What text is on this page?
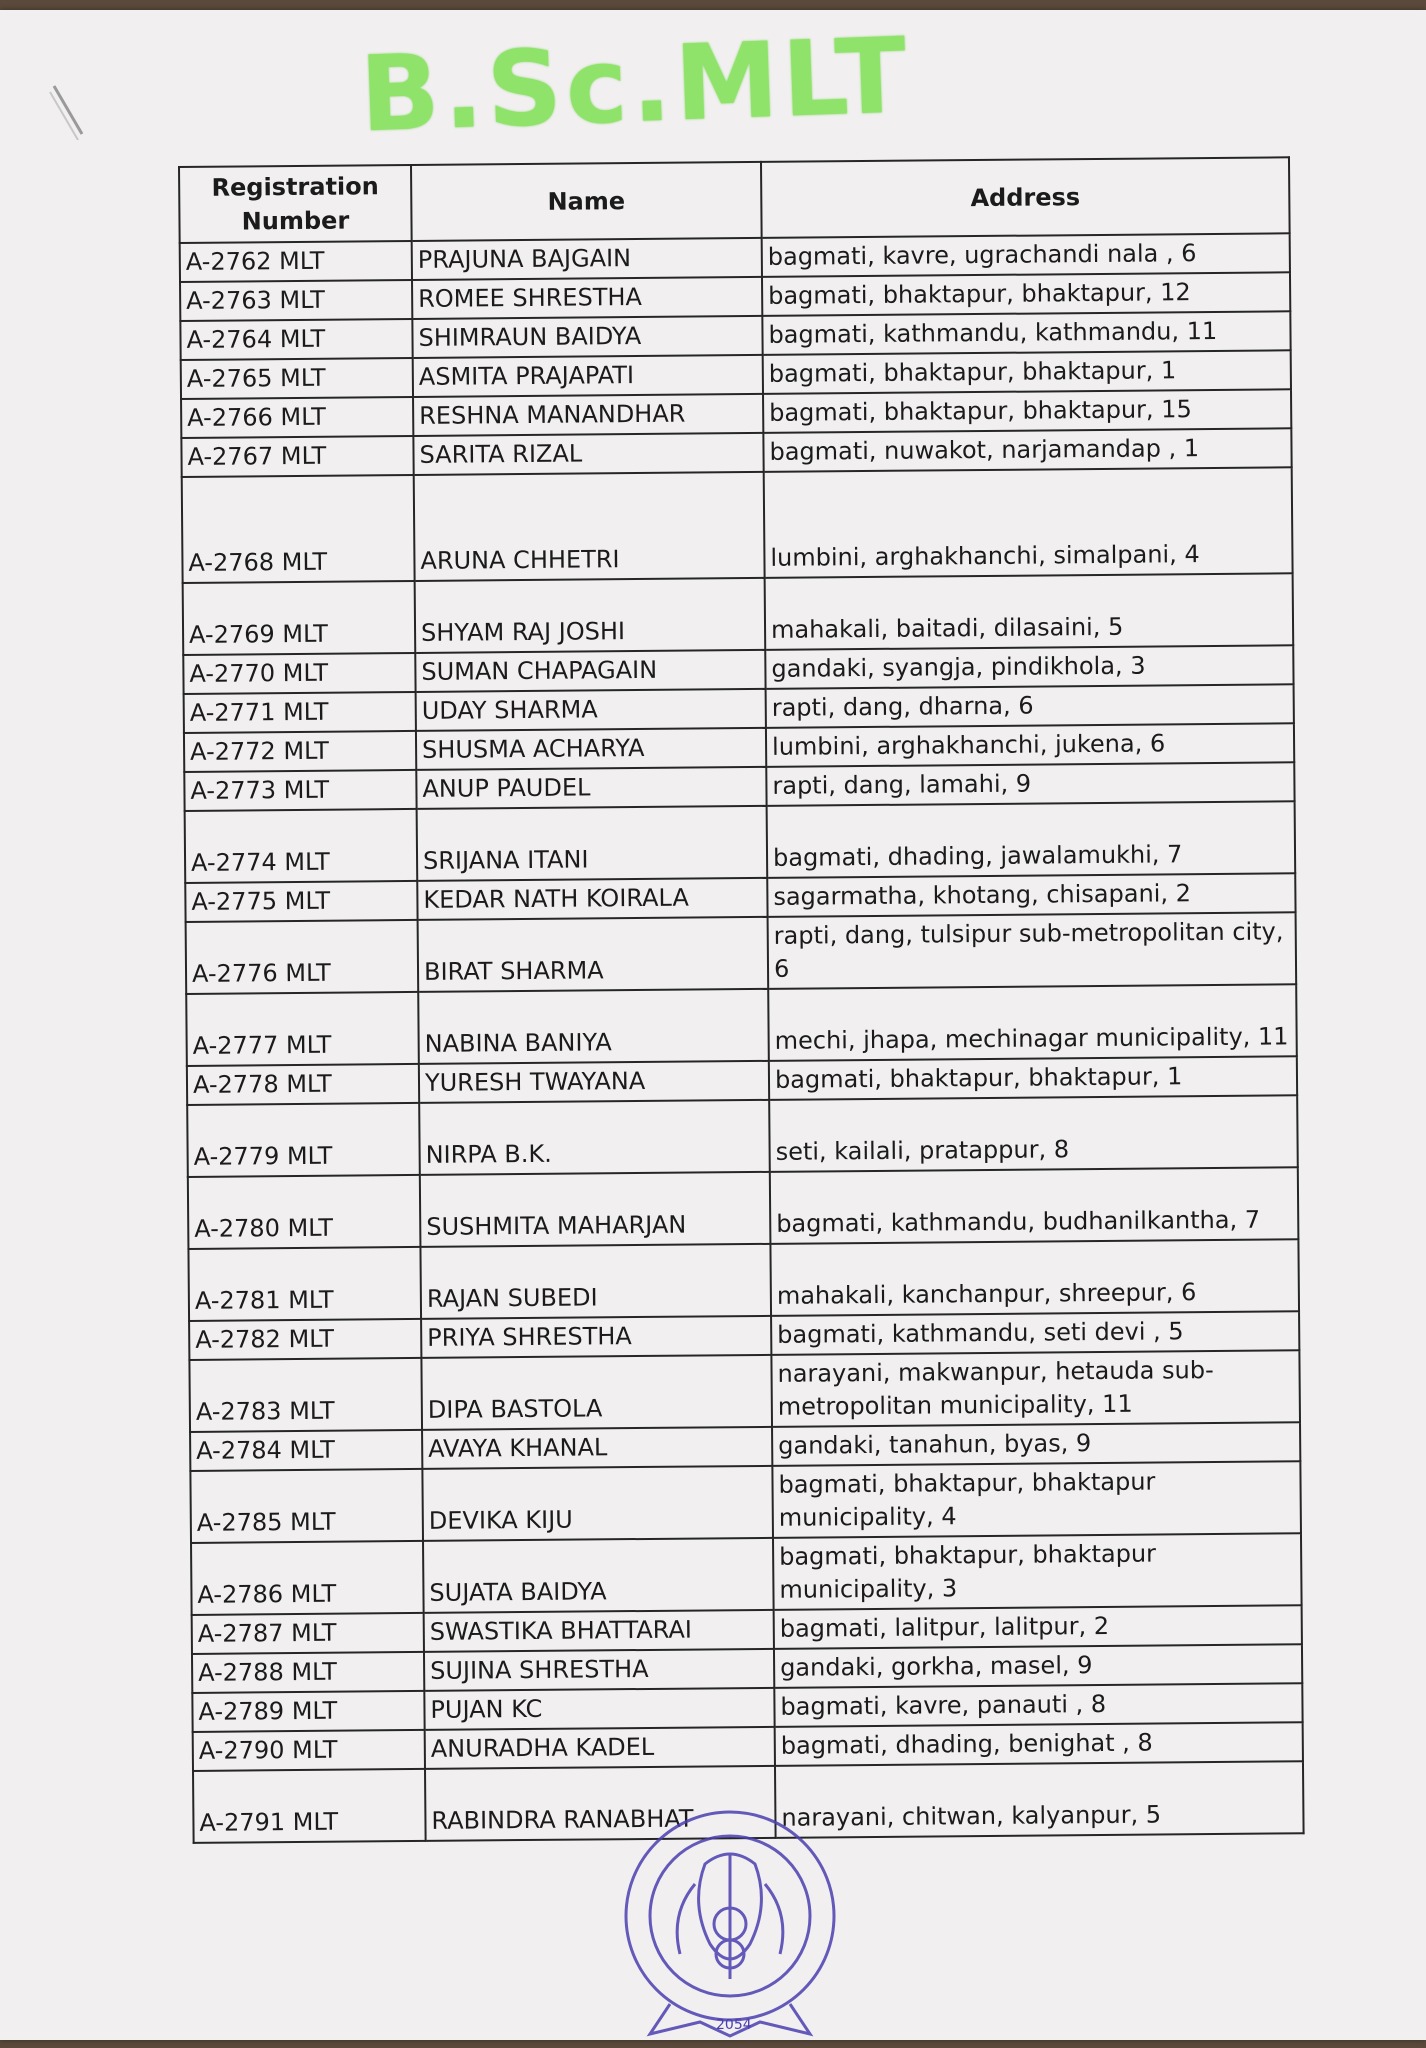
B.Sc.MLT
Registration Number	Name	Address
A-2762 MLT	PRAJUNA BAJGAIN	bagmati, kavre, ugrachandi nala , 6
A-2763 MLT	ROMEE SHRESTHA	bagmati, bhaktapur, bhaktapur, 12
A-2764 MLT	SHIMRAUN BAIDYA	bagmati, kathmandu, kathmandu, 11
A-2765 MLT	ASMITA PRAJAPATI	bagmati, bhaktapur, bhaktapur, 1
A-2766 MLT	RESHNA MANANDHAR	bagmati, bhaktapur, bhaktapur, 15
A-2767 MLT	SARITA RIZAL	bagmati, nuwakot, narjamandap , 1
A-2768 MLT	ARUNA CHHETRI	lumbini, arghakhanchi, simalpani, 4
A-2769 MLT	SHYAM RAJ JOSHI	mahakali, baitadi, dilasaini, 5
A-2770 MLT	SUMAN CHAPAGAIN	gandaki, syangja, pindikhola, 3
A-2771 MLT	UDAY SHARMA	rapti, dang, dharna, 6
A-2772 MLT	SHUSMA ACHARYA	lumbini, arghakhanchi, jukena, 6
A-2773 MLT	ANUP PAUDEL	rapti, dang, lamahi, 9
A-2774 MLT	SRIJANA ITANI	bagmati, dhading, jawalamukhi, 7
A-2775 MLT	KEDAR NATH KOIRALA	sagarmatha, khotang, chisapani, 2
A-2776 MLT	BIRAT SHARMA	rapti, dang, tulsipur sub-metropolitan city, 6
A-2777 MLT	NABINA BANIYA	mechi, jhapa, mechinagar municipality, 11
A-2778 MLT	YURESH TWAYANA	bagmati, bhaktapur, bhaktapur, 1
A-2779 MLT	NIRPA B.K.	seti, kailali, pratappur, 8
A-2780 MLT	SUSHMITA MAHARJAN	bagmati, kathmandu, budhanilkantha, 7
A-2781 MLT	RAJAN SUBEDI	mahakali, kanchanpur, shreepur, 6
A-2782 MLT	PRIYA SHRESTHA	bagmati, kathmandu, seti devi , 5
A-2783 MLT	DIPA BASTOLA	narayani, makwanpur, hetauda sub-metropolitan municipality, 11
A-2784 MLT	AVAYA KHANAL	gandaki, tanahun, byas, 9
A-2785 MLT	DEVIKA KIJU	bagmati, bhaktapur, bhaktapur municipality, 4
A-2786 MLT	SUJATA BAIDYA	bagmati, bhaktapur, bhaktapur municipality, 3
A-2787 MLT	SWASTIKA BHATTARAI	bagmati, lalitpur, lalitpur, 2
A-2788 MLT	SUJINA SHRESTHA	gandaki, gorkha, masel, 9
A-2789 MLT	PUJAN KC	bagmati, kavre, panauti , 8
A-2790 MLT	ANURADHA KADEL	bagmati, dhading, benighat , 8
A-2791 MLT	RABINDRA RANABHAT	narayani, chitwan, kalyanpur, 5
2054
